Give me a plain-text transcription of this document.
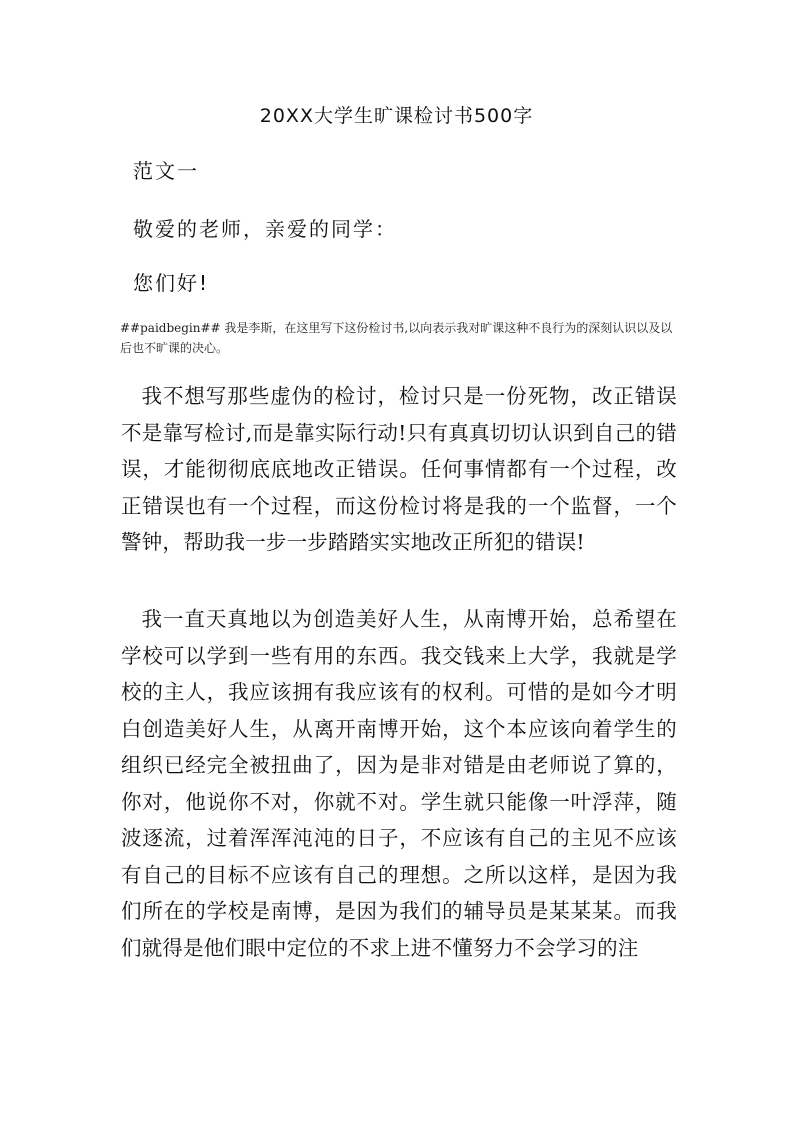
20XX大学生旷课检讨书500字
范文一
敬爱的老师，亲爱的同学：
您们好!
##paidbegin## 我是李斯，在这里写下这份检讨书,以向表示我对旷课这种不良行为的深刻认识以及以后也不旷课的决心。
我不想写那些虚伪的检讨，检讨只是一份死物，改正错误不是靠写检讨,而是靠实际行动!只有真真切切认识到自己的错误，才能彻彻底底地改正错误。任何事情都有一个过程，改正错误也有一个过程，而这份检讨将是我的一个监督，一个警钟，帮助我一步一步踏踏实实地改正所犯的错误!
我一直天真地以为创造美好人生，从南博开始，总希望在学校可以学到一些有用的东西。我交钱来上大学，我就是学校的主人，我应该拥有我应该有的权利。可惜的是如今才明白创造美好人生，从离开南博开始，这个本应该向着学生的组织已经完全被扭曲了，因为是非对错是由老师说了算的，你对，他说你不对，你就不对。学生就只能像一叶浮萍，随波逐流，过着浑浑沌沌的日子，不应该有自己的主见不应该有自己的目标不应该有自己的理想。之所以这样，是因为我们所在的学校是南博，是因为我们的辅导员是某某某。而我们就得是他们眼中定位的不求上进不懂努力不会学习的注
